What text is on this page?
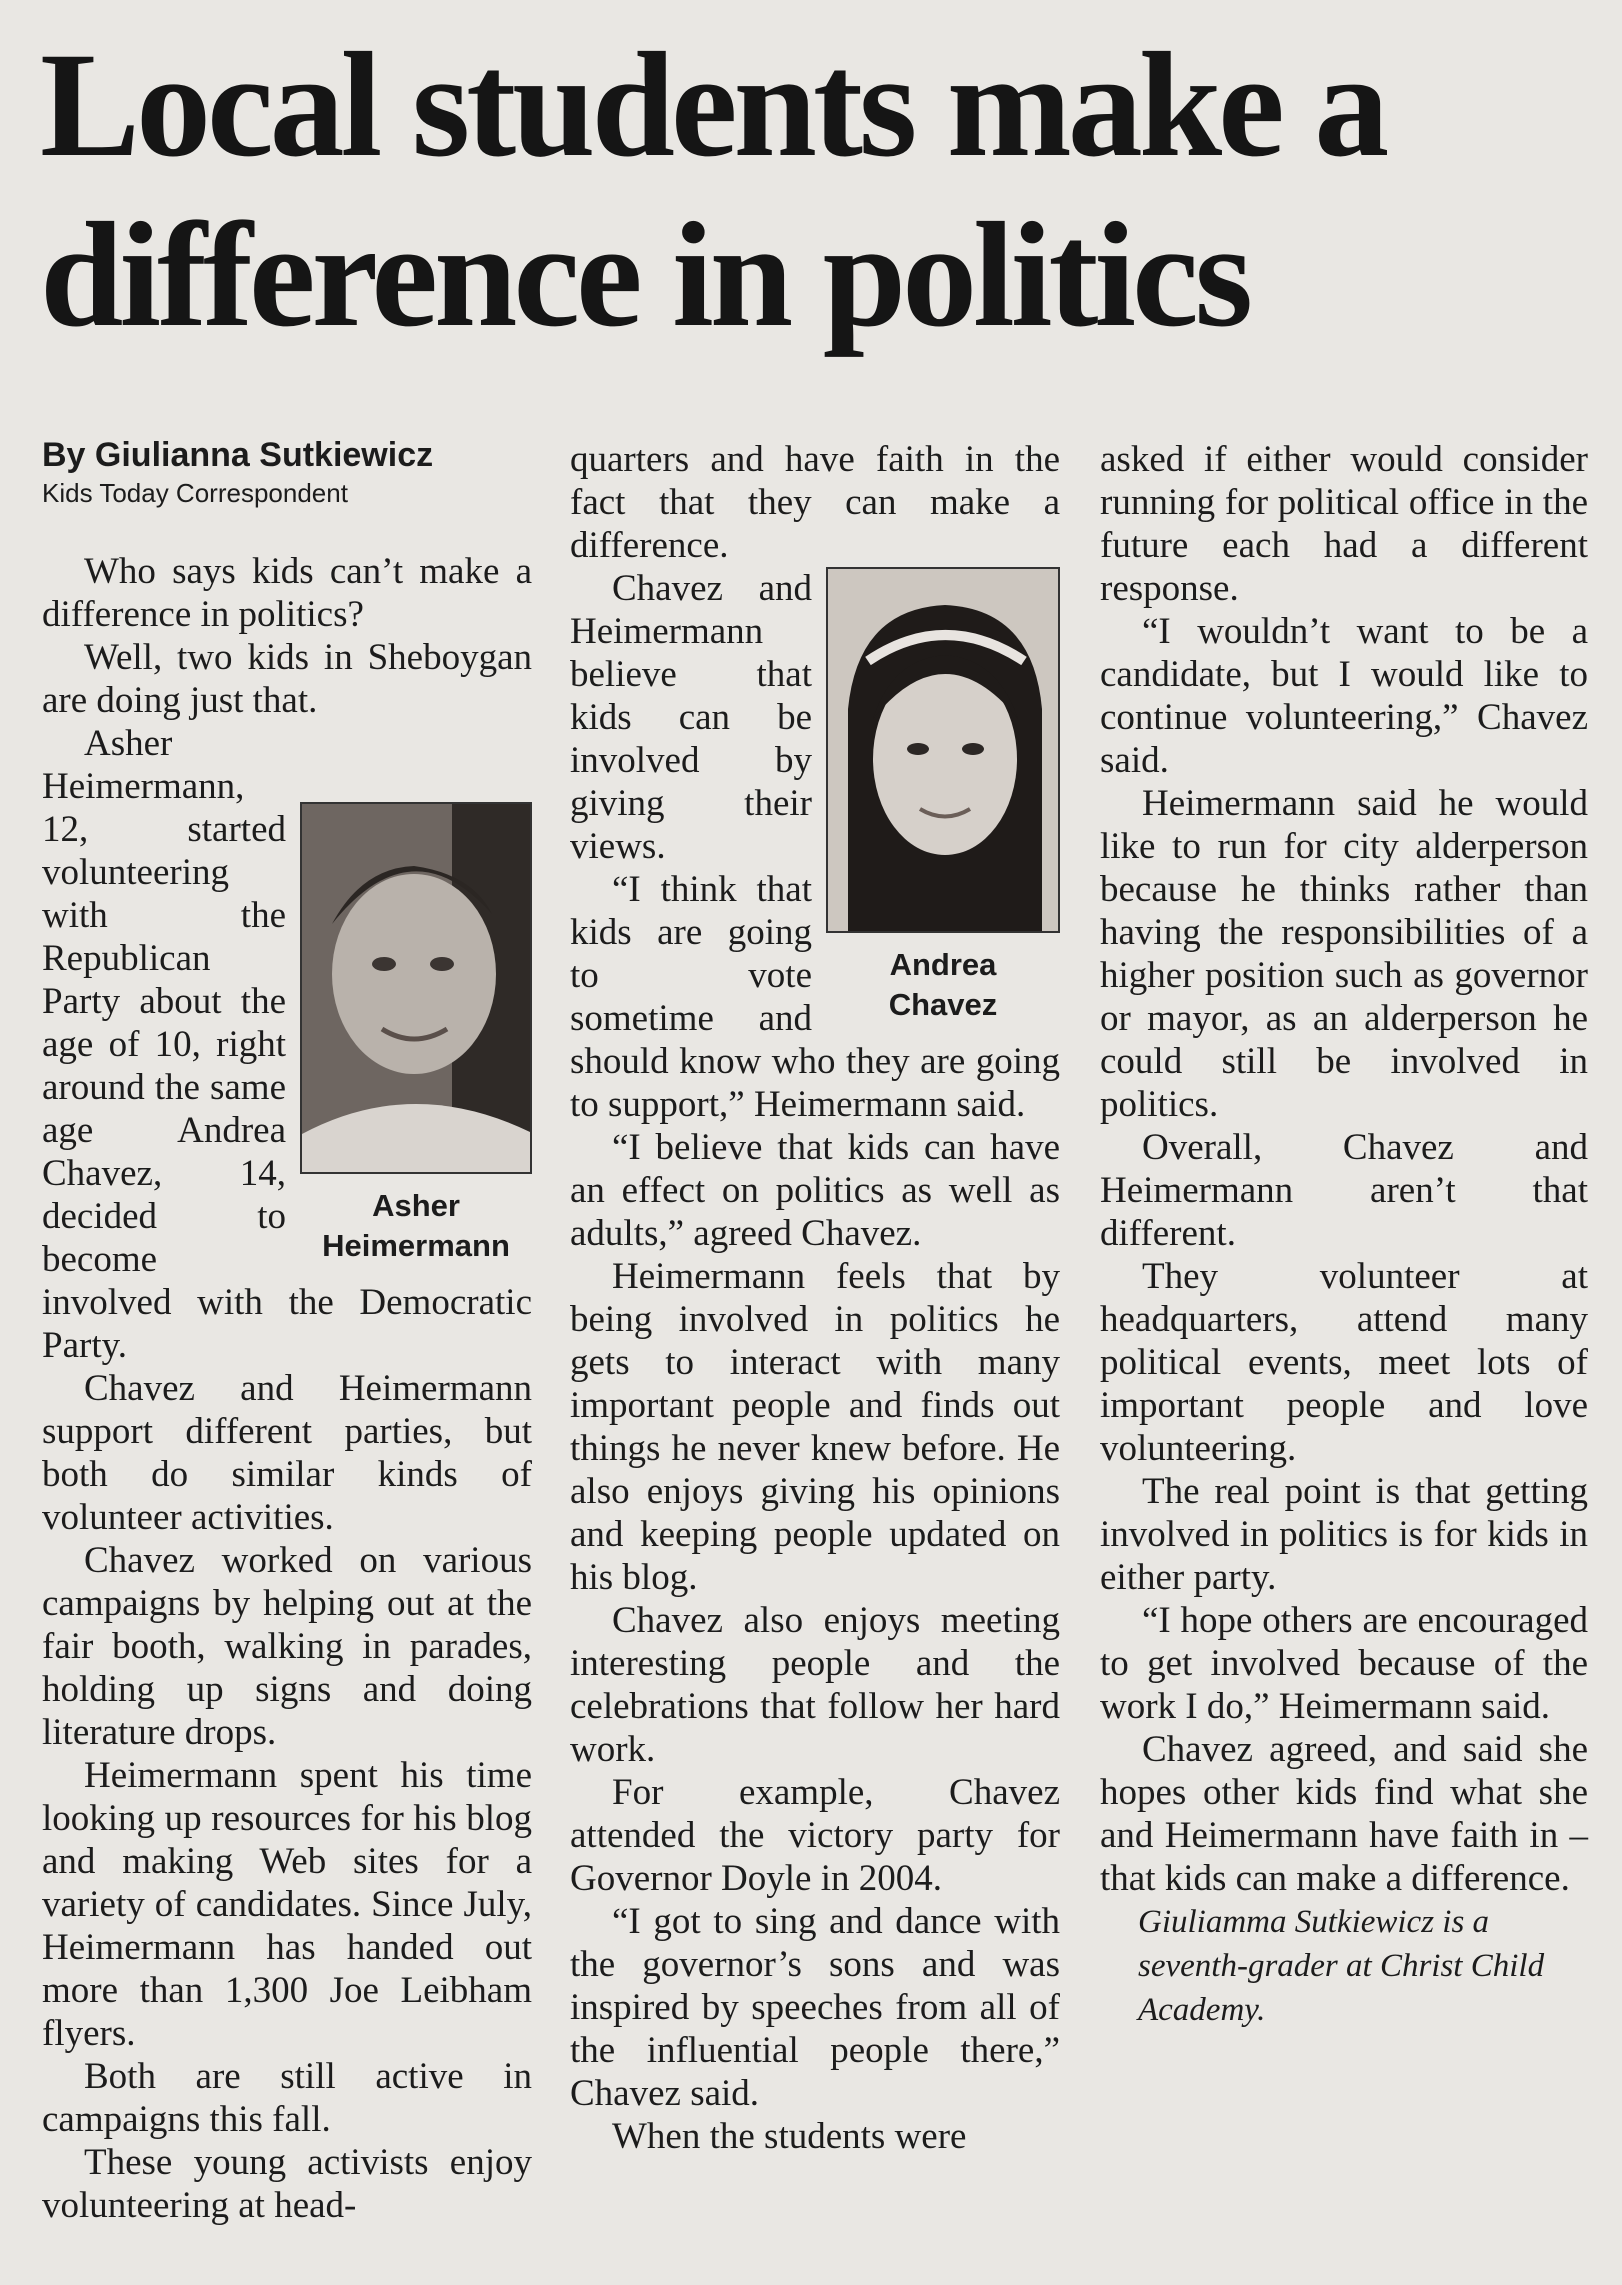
Local students make a
difference in politics
By Giulianna Sutkiewicz
Kids Today Correspondent

Who says kids can’t make a difference in politics?

Well, two kids in Sheboygan are doing just that.

Asher
Heimermann

Asher Heimermann, 12, started volunteering with the Republican Party about the age of 10, right around the same age Andrea Chavez, 14, decided to become involved with the Democratic Party.

Chavez and Heimermann support different parties, but both do similar kinds of volunteer activities.

Chavez worked on various campaigns by helping out at the fair booth, walking in parades, holding up signs and doing literature drops.

Heimermann spent his time looking up resources for his blog and making Web sites for a variety of candidates. Since July, Heimermann has handed out more than 1,300 Joe Leibham flyers.

Both are still active in campaigns this fall.

These young activists enjoy volunteering at head-

quarters and have faith in the fact that they can make a difference.

Andrea
Chavez

Chavez and Heimermann believe that kids can be involved by giving their views.

“I think that kids are going to vote sometime and should know who they are going to support,” Heimermann said.

“I believe that kids can have an effect on politics as well as adults,” agreed Chavez.

Heimermann feels that by being involved in politics he gets to interact with many important people and finds out things he never knew before. He also enjoys giving his opinions and keeping people updated on his blog.

Chavez also enjoys meeting interesting people and the celebrations that follow her hard work.

For example, Chavez attended the victory party for Governor Doyle in 2004.

“I got to sing and dance with the governor’s sons and was inspired by speeches from all of the influential people there,” Chavez said.

When the students were

asked if either would consider running for political office in the future each had a different response.

“I wouldn’t want to be a candidate, but I would like to continue volunteering,” Chavez said.

Heimermann said he would like to run for city alderperson because he thinks rather than having the responsibilities of a higher position such as governor or mayor, as an alderperson he could still be involved in politics.

Overall, Chavez and Heimermann aren’t that different.

They volunteer at headquarters, attend many political events, meet lots of important people and love volunteering.

The real point is that getting involved in politics is for kids in either party.

“I hope others are encouraged to get involved because of the work I do,” Heimermann said.

Chavez agreed, and said she hopes other kids find what she and Heimermann have faith in – that kids can make a difference.

Giuliamma Sutkiewicz is a seventh-grader at Christ Child Academy.
